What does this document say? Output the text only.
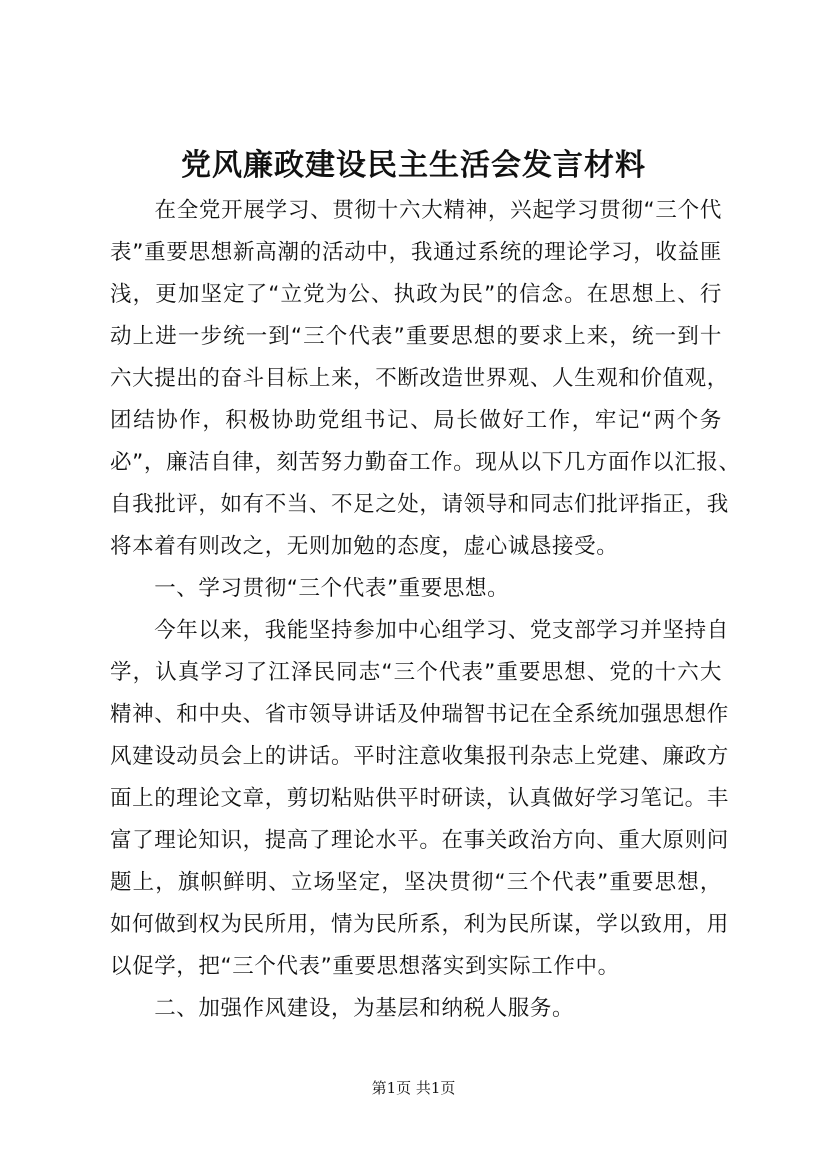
党风廉政建设民主生活会发言材料
　　在全党开展学习、贯彻十六大精神，兴起学习贯彻“三个代
表”重要思想新高潮的活动中，我通过系统的理论学习，收益匪
浅，更加坚定了“立党为公、执政为民”的信念。在思想上、行
动上进一步统一到“三个代表”重要思想的要求上来，统一到十
六大提出的奋斗目标上来，不断改造世界观、人生观和价值观，
团结协作，积极协助党组书记、局长做好工作，牢记“两个务
必”，廉洁自律，刻苦努力勤奋工作。现从以下几方面作以汇报、
自我批评，如有不当、不足之处，请领导和同志们批评指正，我
将本着有则改之，无则加勉的态度，虚心诚恳接受。
　　一、学习贯彻“三个代表”重要思想。
　　今年以来，我能坚持参加中心组学习、党支部学习并坚持自
学，认真学习了江泽民同志“三个代表”重要思想、党的十六大
精神、和中央、省市领导讲话及仲瑞智书记在全系统加强思想作
风建设动员会上的讲话。平时注意收集报刊杂志上党建、廉政方
面上的理论文章，剪切粘贴供平时研读，认真做好学习笔记。丰
富了理论知识，提高了理论水平。在事关政治方向、重大原则问
题上，旗帜鲜明、立场坚定，坚决贯彻“三个代表”重要思想，
如何做到权为民所用，情为民所系，利为民所谋，学以致用，用
以促学，把“三个代表”重要思想落实到实际工作中。
　　二、加强作风建设，为基层和纳税人服务。
第1页 共1页
